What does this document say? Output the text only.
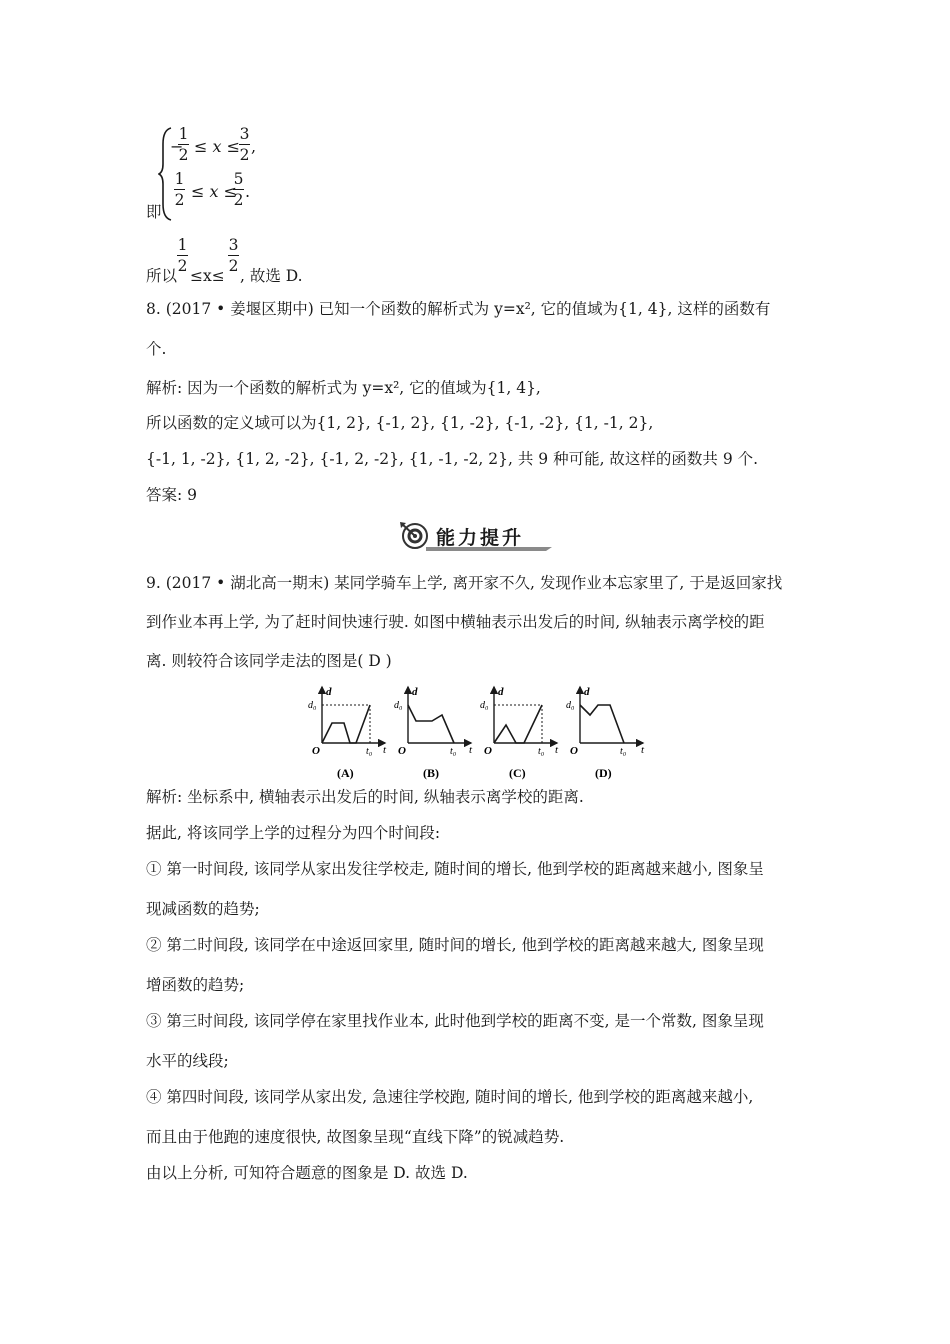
即
−
1
2 ≤ x ≤
3
2 ,
1
2 ≤ x ≤
5
2 .
所以
1
2
≤x≤
3
2
, 故选 D.
8. (2017 • 姜堰区期中) 已知一个函数的解析式为 y=x², 它的值域为{1, 4}, 这样的函数有
个.
解析: 因为一个函数的解析式为 y=x², 它的值域为{1, 4},
所以函数的定义域可以为{1, 2}, {-1, 2}, {1, -2}, {-1, -2}, {1, -1, 2},
{-1, 1, -2}, {1, 2, -2}, {-1, 2, -2}, {1, -1, -2, 2}, 共 9 种可能, 故这样的函数共 9 个.
答案: 9
能力提升
9. (2017 • 湖北高一期末) 某同学骑车上学, 离开家不久, 发现作业本忘家里了, 于是返回家找
到作业本再上学, 为了赶时间快速行驶. 如图中横轴表示出发后的时间, 纵轴表示离学校的距
离. 则较符合该同学走法的图是( D )
d
d₀
O	t₀ t
(A)
d
d₀
O	t₀ t
(B)
d
d₀
O	t₀ t
(C)
d
d₀
O	t₀ t
(D)
解析: 坐标系中, 横轴表示出发后的时间, 纵轴表示离学校的距离.
据此, 将该同学上学的过程分为四个时间段:
① 第一时间段, 该同学从家出发往学校走, 随时间的增长, 他到学校的距离越来越小, 图象呈
现减函数的趋势;
② 第二时间段, 该同学在中途返回家里, 随时间的增长, 他到学校的距离越来越大, 图象呈现
增函数的趋势;
③ 第三时间段, 该同学停在家里找作业本, 此时他到学校的距离不变, 是一个常数, 图象呈现
水平的线段;
④ 第四时间段, 该同学从家出发, 急速往学校跑, 随时间的增长, 他到学校的距离越来越小,
而且由于他跑的速度很快, 故图象呈现“直线下降”的锐减趋势.
由以上分析, 可知符合题意的图象是 D. 故选 D.
